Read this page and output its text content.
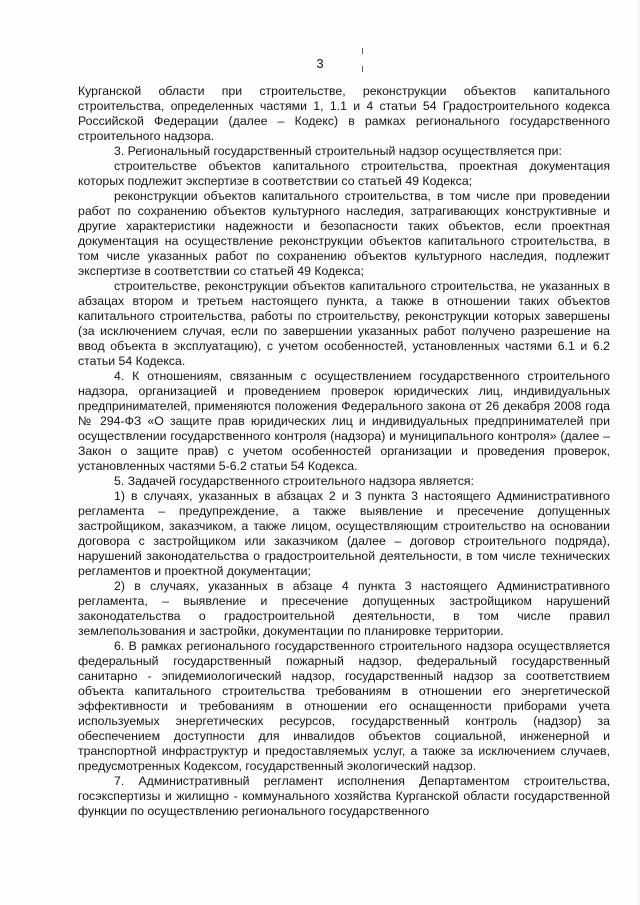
3

Курганской области при строительстве, реконструкции объектов капитального строительства, определенных частями 1, 1.1 и 4 статьи 54 Градостроительного кодекса Российской Федерации (далее – Кодекс) в рамках регионального государственного строительного надзора.

3. Региональный государственный строительный надзор осуществляется при:

строительстве объектов капитального строительства, проектная документация которых подлежит экспертизе в соответствии со статьей 49 Кодекса;

реконструкции объектов капитального строительства, в том числе при проведении работ по сохранению объектов культурного наследия, затрагивающих конструктивные и другие характеристики надежности и безопасности таких объектов, если проектная документация на осуществление реконструкции объектов капитального строительства, в том числе указанных работ по сохранению объектов культурного наследия, подлежит экспертизе в соответствии со статьей 49 Кодекса;

строительстве, реконструкции объектов капитального строительства, не указанных в абзацах втором и третьем настоящего пункта, а также в отношении таких объектов капитального строительства, работы по строительству, реконструкции которых завершены (за исключением случая, если по завершении указанных работ получено разрешение на ввод объекта в эксплуатацию), с учетом особенностей, установленных частями 6.1 и 6.2 статьи 54 Кодекса.

4. К отношениям, связанным с осуществлением государственного строительного надзора, организацией и проведением проверок юридических лиц, индивидуальных предпринимателей, применяются положения Федерального закона от 26 декабря 2008 года № 294-ФЗ «О защите прав юридических лиц и индивидуальных предпринимателей при осуществлении государственного контроля (надзора) и муниципального контроля» (далее – Закон о защите прав) с учетом особенностей организации и проведения проверок, установленных частями 5-6.2 статьи 54 Кодекса.

5. Задачей государственного строительного надзора является:

1) в случаях, указанных в абзацах 2 и 3 пункта 3 настоящего Административного регламента – предупреждение, а также выявление и пресечение допущенных застройщиком, заказчиком, а также лицом, осуществляющим строительство на основании договора с застройщиком или заказчиком (далее – договор строительного подряда), нарушений законодательства о градостроительной деятельности, в том числе технических регламентов и проектной документации;

2) в случаях, указанных в абзаце 4 пункта 3 настоящего Административного регламента, – выявление и пресечение допущенных застройщиком нарушений законодательства о градостроительной деятельности, в том числе правил землепользования и застройки, документации по планировке территории.

6. В рамках регионального государственного строительного надзора осуществляется федеральный государственный пожарный надзор, федеральный государственный санитарно - эпидемиологический надзор, государственный надзор за соответствием объекта капитального строительства требованиям в отношении его энергетической эффективности и требованиям в отношении его оснащенности приборами учета используемых энергетических ресурсов, государственный контроль (надзор) за обеспечением доступности для инвалидов объектов социальной, инженерной и транспортной инфраструктур и предоставляемых услуг, а также за исключением случаев, предусмотренных Кодексом, государственный экологический надзор.

7. Административный регламент исполнения Департаментом строительства, госэкспертизы и жилищно - коммунального хозяйства Курганской области государственной функции по осуществлению регионального государственного
